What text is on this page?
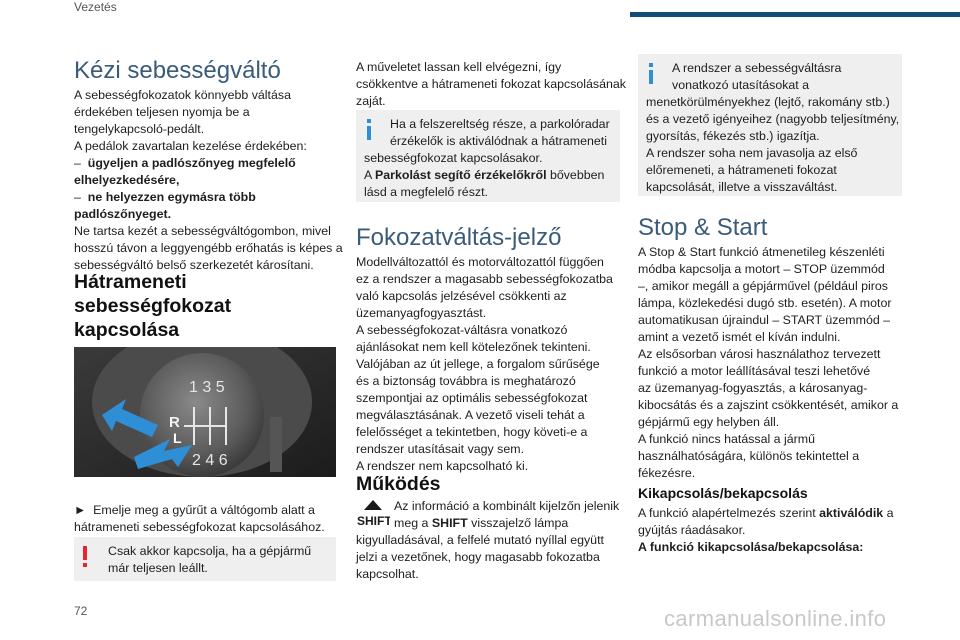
Vezetés
Kézi sebességváltó

A sebességfokozatok könnyebb váltása

érdekében teljesen nyomja be a

tengelykapcsoló-pedált.

A pedálok zavartalan kezelése érdekében:

– ügyeljen a padlószőnyeg megfelelő

elhelyezkedésére,

– ne helyezzen egymásra több

padlószőnyeget.

Ne tartsa kezét a sebességváltógombon, mivel

hosszú távon a leggyengébb erőhatás is képes a

sebességváltó belső szerkezetét károsítani.

Hátrameneti

sebességfokozat

kapcsolása

1 3 5
2 4 6
R
L

► Emelje meg a gyűrűt a váltógomb alatt a

hátrameneti sebességfokozat kapcsolásához.

Csak akkor kapcsolja, ha a gépjármű

már teljesen leállt.

A műveletet lassan kell elvégezni, így

csökkentve a hátrameneti fokozat kapcsolásának

zaját.

Ha a felszereltség része, a parkolóradar

érzékelők is aktiválódnak a hátrameneti

sebességfokozat kapcsolásakor.

A Parkolást segítő érzékelőkről bővebben

lásd a megfelelő részt.

Fokozatváltás-jelző

Modellváltozattól és motorváltozattól függően

ez a rendszer a magasabb sebességfokozatba

való kapcsolás jelzésével csökkenti az

üzemanyagfogyasztást.

A sebességfokozat-váltásra vonatkozó

ajánlásokat nem kell kötelezőnek tekinteni.

Valójában az út jellege, a forgalom sűrűsége

és a biztonság továbbra is meghatározó

szempontjai az optimális sebességfokozat

megválasztásának. A vezető viseli tehát a

felelősséget a tekintetben, hogy követi-e a

rendszer utasításait vagy sem.

A rendszer nem kapcsolható ki.

Működés

SHIFT

Az információ a kombinált kijelzőn jelenik

meg a SHIFT visszajelző lámpa

kigyulladásával, a felfelé mutató nyíllal együtt

jelzi a vezetőnek, hogy magasabb fokozatba

kapcsolhat.

A rendszer a sebességváltásra

vonatkozó utasításokat a

menetkörülményekhez (lejtő, rakomány stb.)

és a vezető igényeihez (nagyobb teljesítmény,

gyorsítás, fékezés stb.) igazítja.

A rendszer soha nem javasolja az első

előremeneti, a hátrameneti fokozat

kapcsolását, illetve a visszaváltást.

Stop & Start

A Stop & Start funkció átmenetileg készenléti

módba kapcsolja a motort – STOP üzemmód

–, amikor megáll a gépjárművel (például piros

lámpa, közlekedési dugó stb. esetén). A motor

automatikusan újraindul – START üzemmód –

amint a vezető ismét el kíván indulni.

Az elsősorban városi használathoz tervezett

funkció a motor leállításával teszi lehetővé

az üzemanyag-fogyasztás, a károsanyag-

kibocsátás és a zajszint csökkentését, amikor a

gépjármű egy helyben áll.

A funkció nincs hatással a jármű

használhatóságára, különös tekintettel a

fékezésre.

Kikapcsolás/bekapcsolás

A funkció alapértelmezés szerint aktiválódik a

gyújtás ráadásakor.

A funkció kikapcsolása/bekapcsolása:

72	carmanualsonline.info
